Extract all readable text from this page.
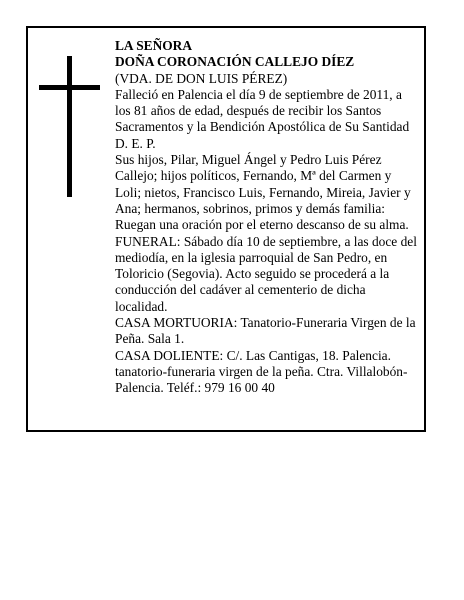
LA SEÑORA
DOÑA CORONACIÓN CALLEJO DÍEZ
(VDA. DE DON LUIS PÉREZ)
Falleció en Palencia el día 9 de septiembre de 2011, a los 81 años de edad, después de recibir los Santos Sacramentos y la Bendición Apostólica de Su Santidad
D. E. P.
Sus hijos, Pilar, Miguel Ángel y Pedro Luis Pérez Callejo; hijos políticos, Fernando, Mª del Carmen y Loli; nietos, Francisco Luis, Fernando, Mireia, Javier y Ana; hermanos, sobrinos, primos y demás familia:
Ruegan una oración por el eterno descanso de su alma.
FUNERAL: Sábado día 10 de septiembre, a las doce del mediodía, en la iglesia parroquial de San Pedro, en Toloricio (Segovia). Acto seguido se procederá a la conducción del cadáver al cementerio de dicha localidad.
CASA MORTUORIA: Tanatorio-Funeraria Virgen de la Peña. Sala 1.
CASA DOLIENTE: C/. Las Cantigas, 18. Palencia.
tanatorio-funeraria virgen de la peña. Ctra. Villalobón-Palencia. Teléf.: 979 16 00 40
